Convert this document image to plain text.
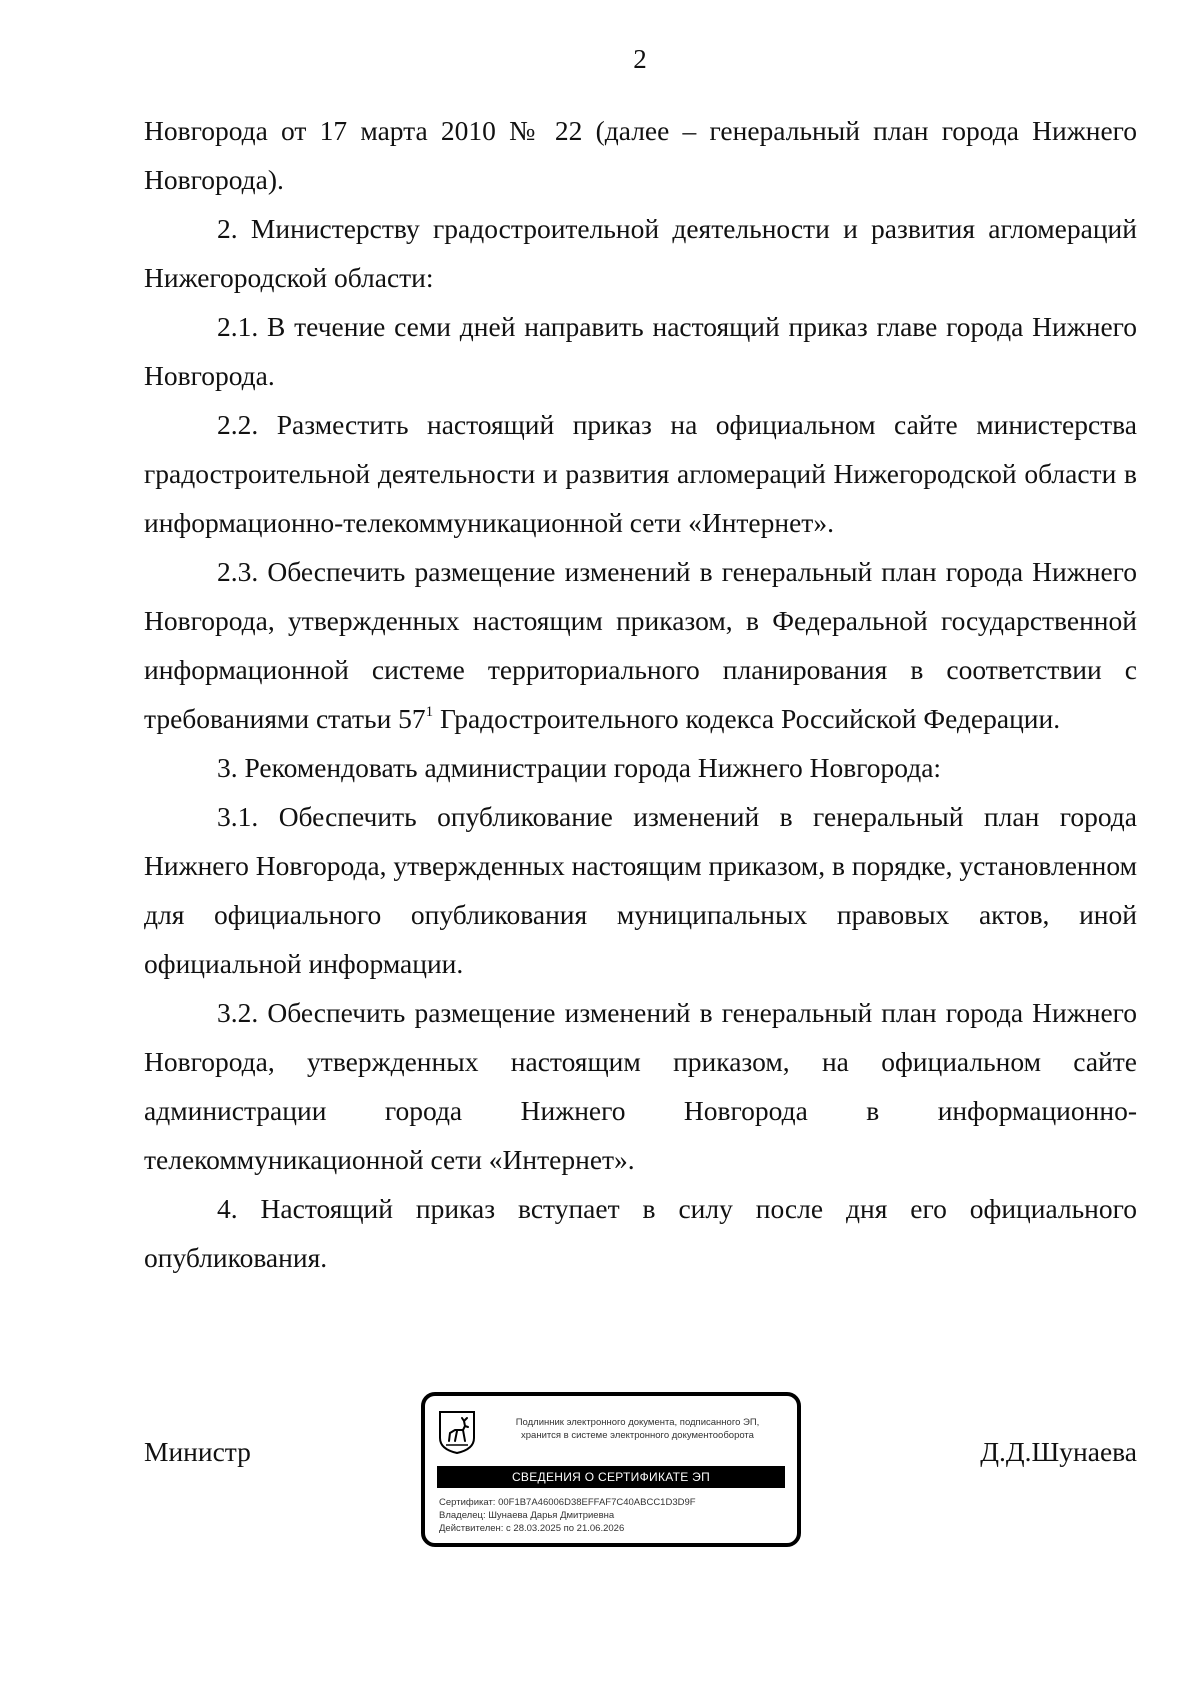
2

Новгорода от 17 марта 2010 № 22 (далее – генеральный план города Нижнего Новгорода).

2. Министерству градостроительной деятельности и развития агломераций Нижегородской области:

2.1. В течение семи дней направить настоящий приказ главе города Нижнего Новгорода.

2.2. Разместить настоящий приказ на официальном сайте министерства градостроительной деятельности и развития агломераций Нижегородской области в информационно-телекоммуникационной сети «Интернет».

2.3. Обеспечить размещение изменений в генеральный план города Нижнего Новгорода, утвержденных настоящим приказом, в Федеральной государственной информационной системе территориального планирования в соответствии с требованиями статьи $57^1$ Градостроительного кодекса Российской Федерации.

3. Рекомендовать администрации города Нижнего Новгорода:

3.1. Обеспечить опубликование изменений в генеральный план города Нижнего Новгорода, утвержденных настоящим приказом, в порядке, установленном для официального опубликования муниципальных правовых актов, иной официальной информации.

3.2. Обеспечить размещение изменений в генеральный план города Нижнего Новгорода, утвержденных настоящим приказом, на официальном сайте администрации города Нижнего Новгорода в информационно-телекоммуникационной сети «Интернет».

4. Настоящий приказ вступает в силу после дня его официального опубликования.

Министр	Д.Д.Шунаева
Подлинник электронного документа, подписанного ЭП,
хранится в системе электронного документооборота
СВЕДЕНИЯ О СЕРТИФИКАТЕ ЭП
Сертификат: 00F1B7A46006D38EFFAF7C40ABCC1D3D9F
Владелец: Шунаева Дарья Дмитриевна
Действителен: с 28.03.2025 по 21.06.2026
